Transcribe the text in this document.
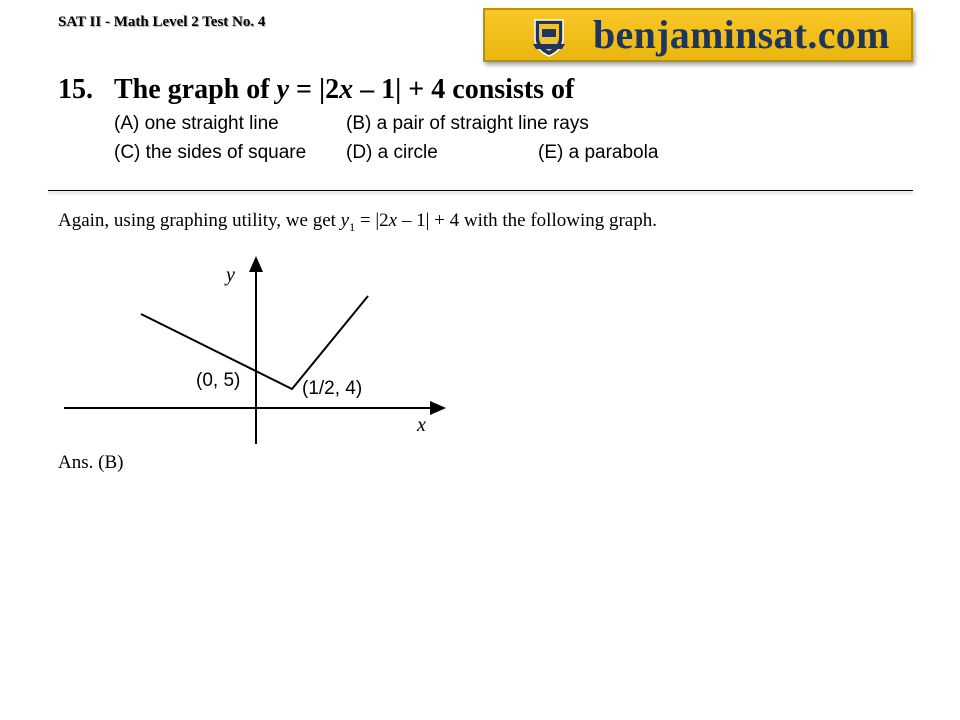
SAT II - Math Level 2 Test No. 4	benjaminsat.com
15. The graph of y = |2x – 1| + 4 consists of
(A) one straight line	(B) a pair of straight line rays
(C) the sides of square (D) a circle	(E) a parabola
Again, using graphing utility, we get $y_1 = |2x - 1| + 4$ with the following graph.
y
x
(0, 5)	(1/2, 4)
Ans. (B)
